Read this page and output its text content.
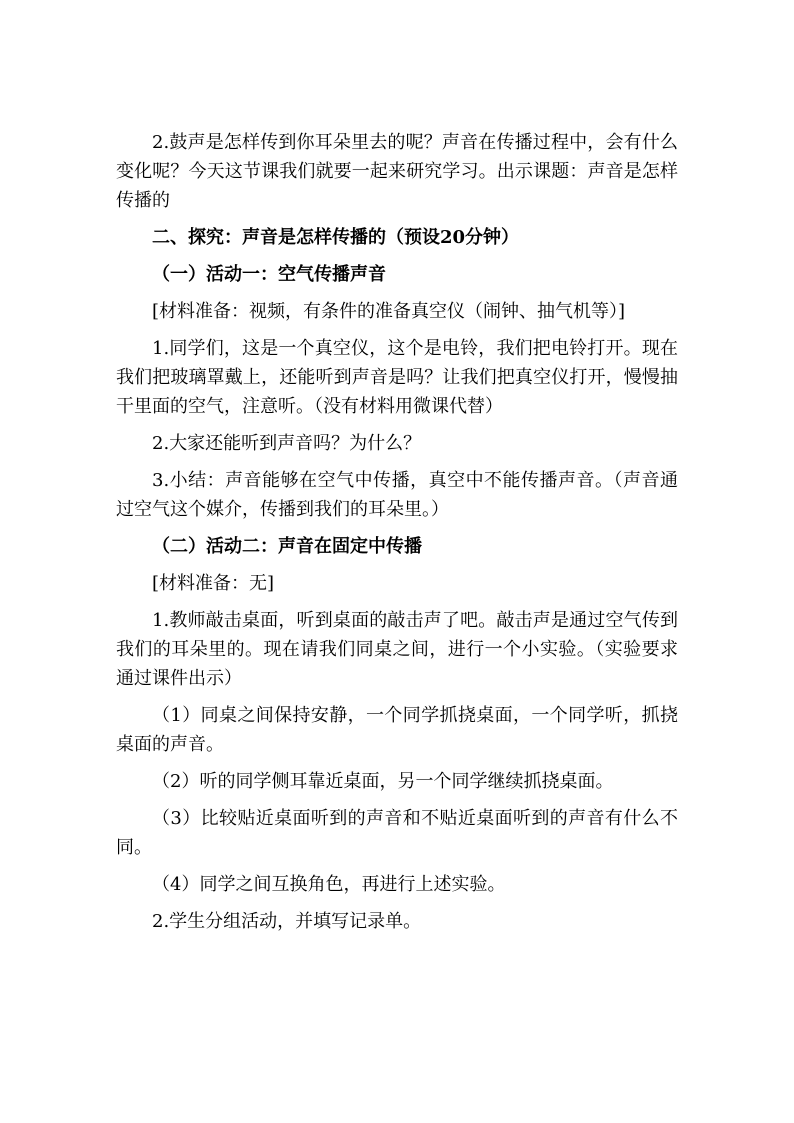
2.鼓声是怎样传到你耳朵里去的呢？声音在传播过程中，会有什么变化呢？今天这节课我们就要一起来研究学习。出示课题：声音是怎样传播的

二、探究：声音是怎样传播的（预设20分钟）

（一）活动一：空气传播声音

[材料准备：视频，有条件的准备真空仪（闹钟、抽气机等）]

1.同学们，这是一个真空仪，这个是电铃，我们把电铃打开。现在我们把玻璃罩戴上，还能听到声音是吗？让我们把真空仪打开，慢慢抽干里面的空气，注意听。（没有材料用微课代替）

2.大家还能听到声音吗？为什么？

3.小结：声音能够在空气中传播，真空中不能传播声音。（声音通过空气这个媒介，传播到我们的耳朵里。）

（二）活动二：声音在固定中传播

[材料准备：无]

1.教师敲击桌面，听到桌面的敲击声了吧。敲击声是通过空气传到我们的耳朵里的。现在请我们同桌之间，进行一个小实验。（实验要求通过课件出示）

（1）同桌之间保持安静，一个同学抓挠桌面，一个同学听，抓挠桌面的声音。

（2）听的同学侧耳靠近桌面，另一个同学继续抓挠桌面。

（3）比较贴近桌面听到的声音和不贴近桌面听到的声音有什么不同。

（4）同学之间互换角色，再进行上述实验。

2.学生分组活动，并填写记录单。
